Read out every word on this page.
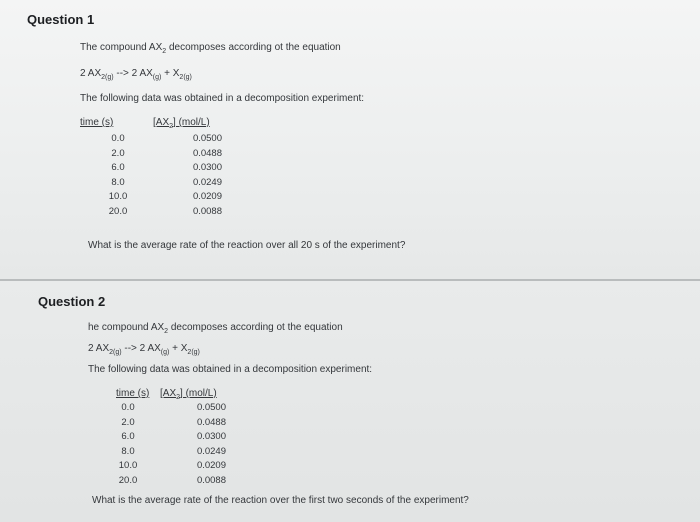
Question 1
The compound $AX_2$ decomposes according ot the equation
2 $AX_{2(g)}$ --> 2 $AX_{(g)} + X_{2(g)}$
The following data was obtained in a decomposition experiment:
time (s)	$[AX_2]$ (mol/L)
0.0
2.0
6.0
8.0
10.0
20.0
0.0500
0.0488
0.0300
0.0249
0.0209
0.0088
What is the average rate of the reaction over all 20 s of the experiment?
Question 2
he compound $AX_2$ decomposes according ot the equation
2 $AX_{2(g)}$ --> 2 $AX_{(g)} + X_{2(g)}$
The following data was obtained in a decomposition experiment:
time (s) $[AX_2]$ (mol/L)
0.0
2.0
6.0
8.0
10.0
20.0
0.0500
0.0488
0.0300
0.0249
0.0209
0.0088
What is the average rate of the reaction over the first two seconds of the experiment?
